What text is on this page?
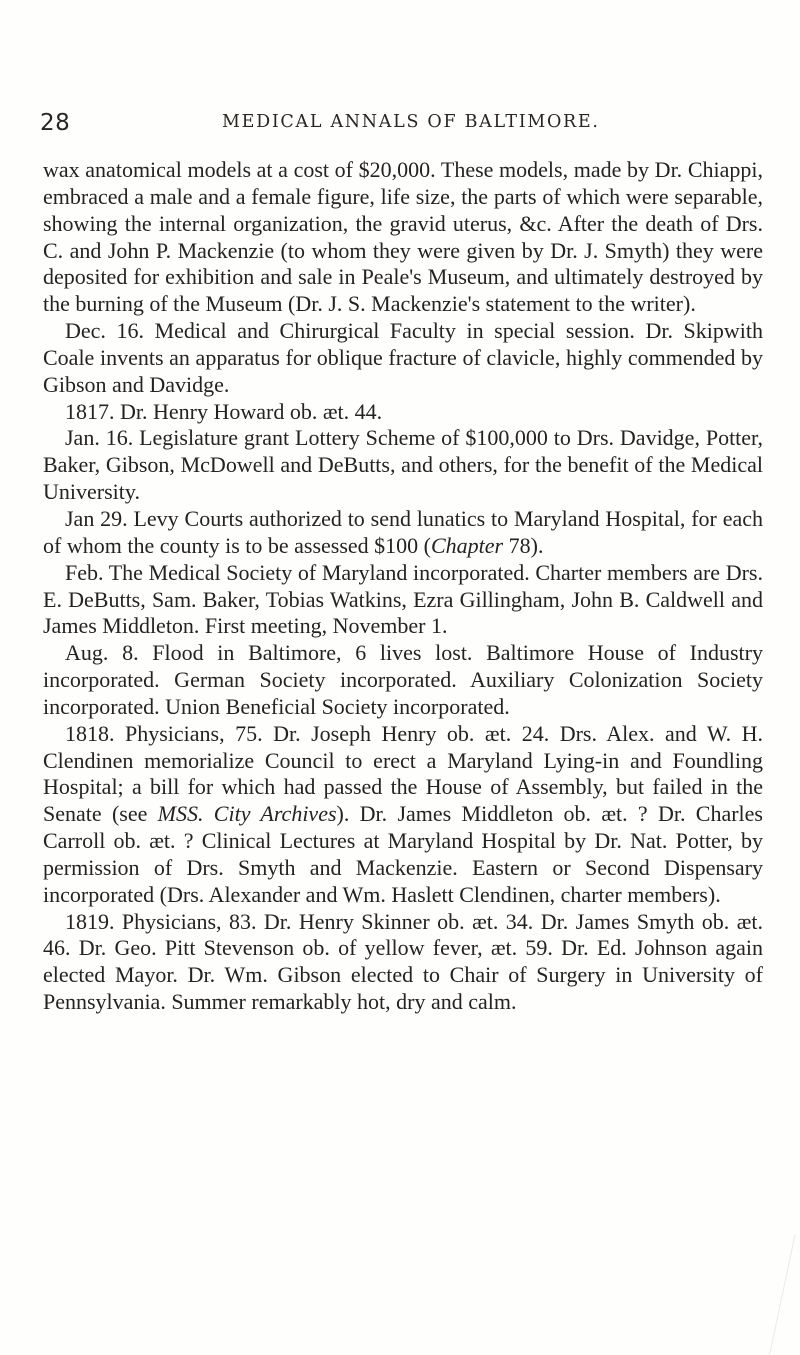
28	MEDICAL ANNALS OF BALTIMORE.

wax anatomical models at a cost of $20,000. These models, made by Dr. Chiappi, embraced a male and a female figure, life size, the parts of which were separable, showing the internal organization, the gravid uterus, &c. After the death of Drs. C. and John P. Mackenzie (to whom they were given by Dr. J. Smyth) they were deposited for exhibition and sale in Peale's Museum, and ultimately destroyed by the burning of the Museum (Dr. J. S. Mackenzie's statement to the writer).

Dec. 16. Medical and Chirurgical Faculty in special session. Dr. Skipwith Coale invents an apparatus for oblique fracture of clavicle, highly commended by Gibson and Davidge.

1817. Dr. Henry Howard ob. æt. 44.

Jan. 16. Legislature grant Lottery Scheme of $100,000 to Drs. Davidge, Potter, Baker, Gibson, McDowell and DeButts, and others, for the benefit of the Medical University.

Jan 29. Levy Courts authorized to send lunatics to Maryland Hospital, for each of whom the county is to be assessed $100 (Chapter 78).

Feb. The Medical Society of Maryland incorporated. Charter members are Drs. E. DeButts, Sam. Baker, Tobias Watkins, Ezra Gillingham, John B. Caldwell and James Middleton. First meeting, November 1.

Aug. 8. Flood in Baltimore, 6 lives lost. Baltimore House of Industry incorporated. German Society incorporated. Auxiliary Colonization Society incorporated. Union Beneficial Society incorporated.

1818. Physicians, 75. Dr. Joseph Henry ob. æt. 24. Drs. Alex. and W. H. Clendinen memorialize Council to erect a Maryland Lying-in and Foundling Hospital; a bill for which had passed the House of Assembly, but failed in the Senate (see MSS. City Archives). Dr. James Middleton ob. æt. ? Dr. Charles Carroll ob. æt. ? Clinical Lectures at Maryland Hospital by Dr. Nat. Potter, by permission of Drs. Smyth and Mackenzie. Eastern or Second Dispensary incorporated (Drs. Alexander and Wm. Haslett Clendinen, charter members).

1819. Physicians, 83. Dr. Henry Skinner ob. æt. 34. Dr. James Smyth ob. æt. 46. Dr. Geo. Pitt Stevenson ob. of yellow fever, æt. 59. Dr. Ed. Johnson again elected Mayor. Dr. Wm. Gibson elected to Chair of Surgery in University of Pennsylvania. Summer remarkably hot, dry and calm.
